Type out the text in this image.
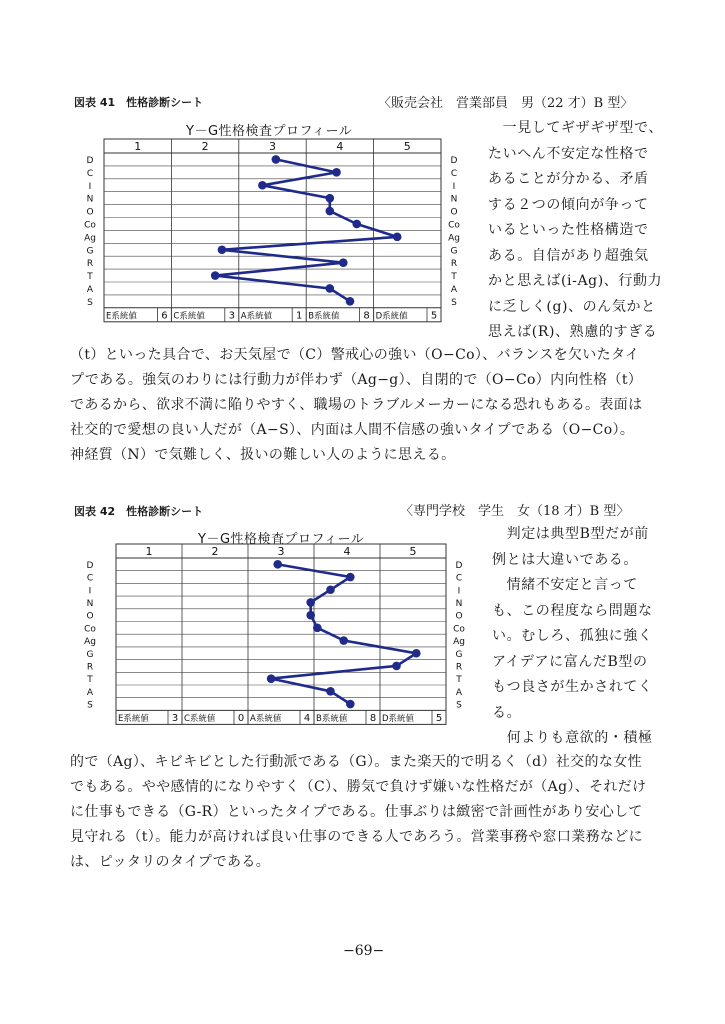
図表 41　性格診断シート	〈販売会社　営業部員　男（22 才）B 型〉
Y－G性格検査プロフィール
1	2	3	4	5
D	D
C	C
I	I
N	N
O	O
Co	Co
Ag	Ag
G	G
R	R
T	T
A	A
S	S
E系統値 6 C系統値 3 A系統値 1 B系統値 8 D系統値 5
　一見してギザギザ型で、
たいへん不安定な性格で
あることが分かる、矛盾
する２つの傾向が争って
いるといった性格構造で
ある。自信があり超強気
かと思えば(i-Ag)、行動力
に乏しく(g)、のん気かと
思えば(R)、熟慮的すぎる
（t）といった具合で、お天気屋で（C）警戒心の強い（O−Co）、バランスを欠いたタイ
プである。強気のわりには行動力が伴わず（Ag−g）、自閉的で（O−Co）内向性格（t）
であるから、欲求不満に陥りやすく、職場のトラブルメーカーになる恐れもある。表面は
社交的で愛想の良い人だが（A−S）、内面は人間不信感の強いタイプである（O−Co）。
神経質（N）で気難しく、扱いの難しい人のように思える。
図表 42　性格診断シート	〈専門学校　学生　女（18 才）B 型〉
Y－G性格検査プロフィール
1	2	3	4	5
D	D
C	C
I	I
N	N
O	O
Co	Co
Ag	Ag
G	G
R	R
T	T
A	A
S	S
E系統値 3 C系統値 0 A系統値 4 B系統値 8 D系統値 5
　判定は典型B型だが前
例とは大違いである。
　情緒不安定と言って
も、この程度なら問題な
い。むしろ、孤独に強く
アイデアに富んだB型の
もつ良さが生かされてく
る。
　何よりも意欲的・積極
的で（Ag）、キビキビとした行動派である（G）。また楽天的で明るく（d）社交的な女性
でもある。やや感情的になりやすく（C）、勝気で負けず嫌いな性格だが（Ag）、それだけ
に仕事もできる（G-R）といったタイプである。仕事ぶりは緻密で計画性があり安心して
見守れる（t）。能力が高ければ良い仕事のできる人であろう。営業事務や窓口業務などに
は、ピッタリのタイプである。
−69−
